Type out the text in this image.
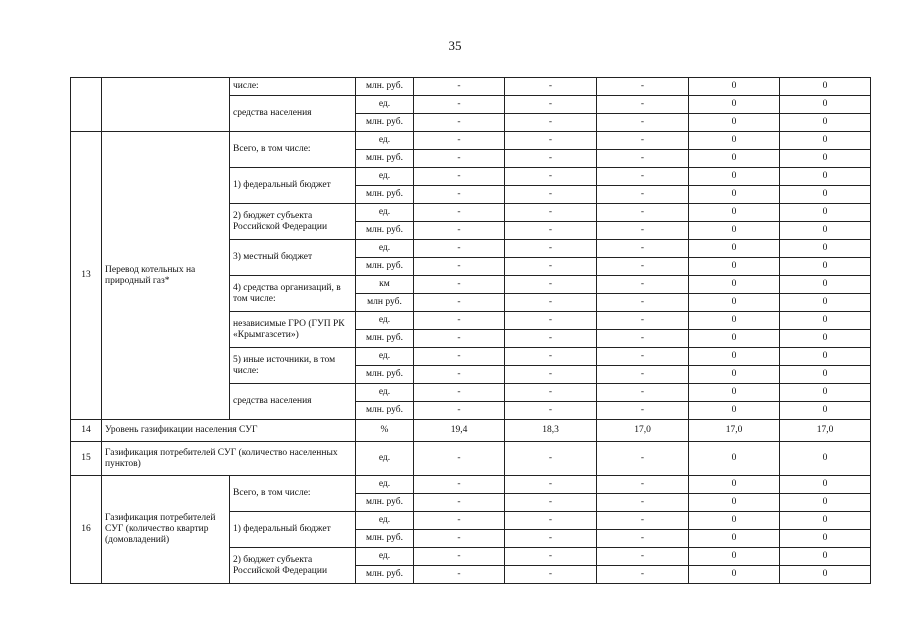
35
		числе:	млн. руб.	-	-	-	0	0
		средства населения	ед.	-	-	-	0	0
			млн. руб.	-	-	-	0	0
13	Перевод котельных на природный газ*	Всего, в том числе:	ед.	-	-	-	0	0
			млн. руб.	-	-	-	0	0
		1) федеральный бюджет	ед.	-	-	-	0	0
			млн. руб.	-	-	-	0	0
		2) бюджет субъекта Российской Федерации	ед.	-	-	-	0	0
			млн. руб.	-	-	-	0	0
		3) местный бюджет	ед.	-	-	-	0	0
			млн. руб.	-	-	-	0	0
		4) средства организаций, в том числе:	км	-	-	-	0	0
			млн руб.	-	-	-	0	0
		независимые ГРО (ГУП РК «Крымгазсети»)	ед.	-	-	-	0	0
			млн. руб.	-	-	-	0	0
		5) иные источники, в том числе:	ед.	-	-	-	0	0
			млн. руб.	-	-	-	0	0
		средства населения	ед.	-	-	-	0	0
			млн. руб.	-	-	-	0	0
14	Уровень газификации населения СУГ		%	19,4	18,3	17,0	17,0	17,0
15	Газификация потребителей СУГ (количество населенных пунктов)		ед.	-	-	-	0	0
16	Газификация потребителей СУГ (количество квартир (домовладений)	Всего, в том числе:	ед.	-	-	-	0	0
			млн. руб.	-	-	-	0	0
		1) федеральный бюджет	ед.	-	-	-	0	0
			млн. руб.	-	-	-	0	0
		2) бюджет субъекта Российской Федерации	ед.	-	-	-	0	0
			млн. руб.	-	-	-	0	0
